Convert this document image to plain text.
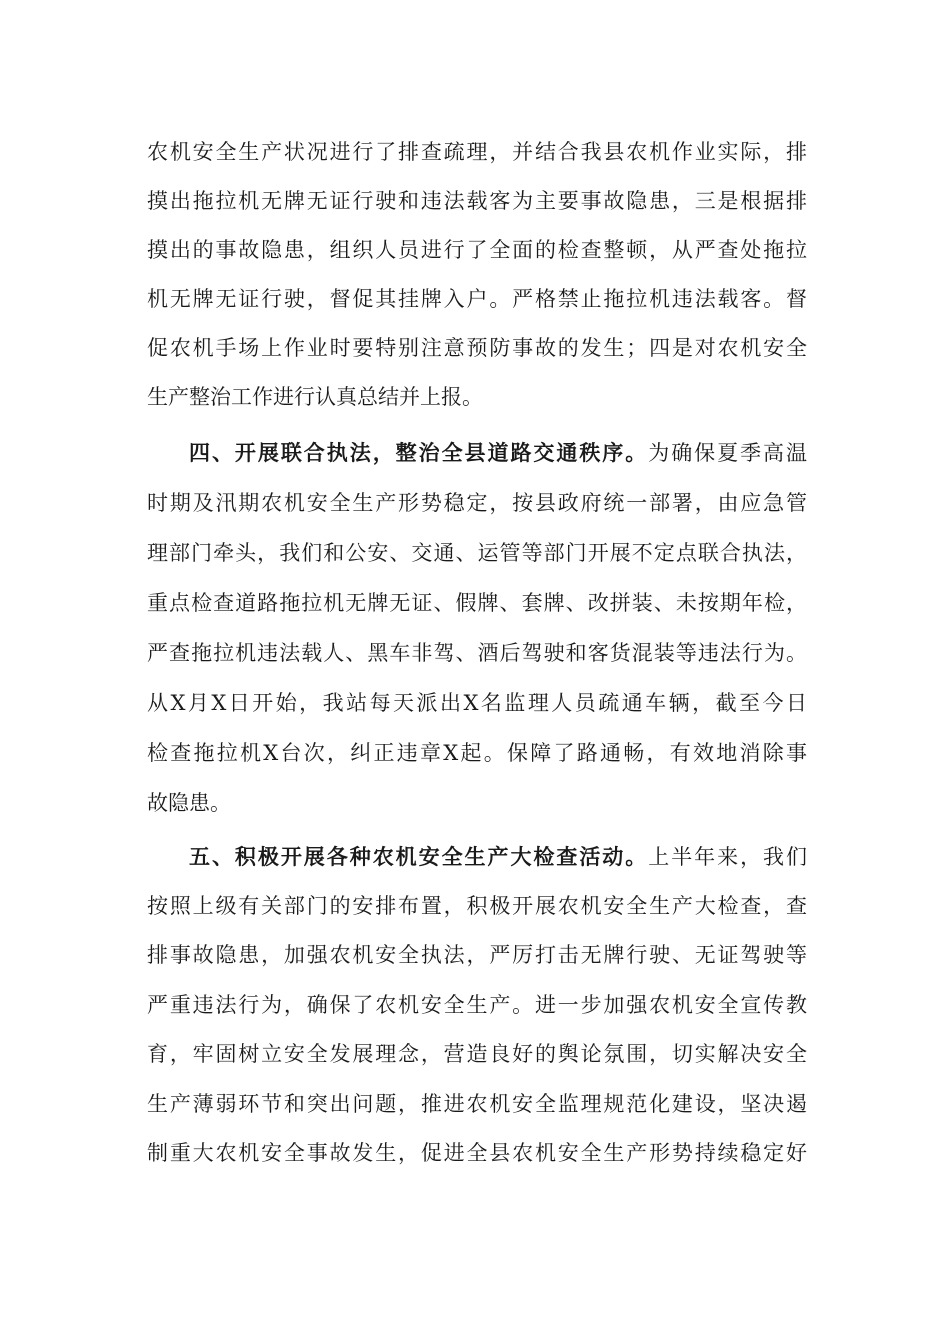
农机安全生产状况进行了排查疏理，并结合我县农机作业实际，排
摸出拖拉机无牌无证行驶和违法载客为主要事故隐患，三是根据排
摸出的事故隐患，组织人员进行了全面的检查整顿，从严查处拖拉
机无牌无证行驶，督促其挂牌入户。严格禁止拖拉机违法载客。督
促农机手场上作业时要特别注意预防事故的发生；四是对农机安全
生产整治工作进行认真总结并上报。
四、开展联合执法，整治全县道路交通秩序。为确保夏季高温
时期及汛期农机安全生产形势稳定，按县政府统一部署，由应急管
理部门牵头，我们和公安、交通、运管等部门开展不定点联合执法，
重点检查道路拖拉机无牌无证、假牌、套牌、改拼装、未按期年检，
严查拖拉机违法载人、黑车非驾、酒后驾驶和客货混装等违法行为。
从X月X日开始，我站每天派出X名监理人员疏通车辆，截至今日
检查拖拉机X台次，纠正违章X起。保障了路通畅，有效地消除事
故隐患。
五、积极开展各种农机安全生产大检查活动。上半年来，我们
按照上级有关部门的安排布置，积极开展农机安全生产大检查，查
排事故隐患，加强农机安全执法，严厉打击无牌行驶、无证驾驶等
严重违法行为，确保了农机安全生产。进一步加强农机安全宣传教
育，牢固树立安全发展理念，营造良好的舆论氛围，切实解决安全
生产薄弱环节和突出问题，推进农机安全监理规范化建设，坚决遏
制重大农机安全事故发生，促进全县农机安全生产形势持续稳定好
